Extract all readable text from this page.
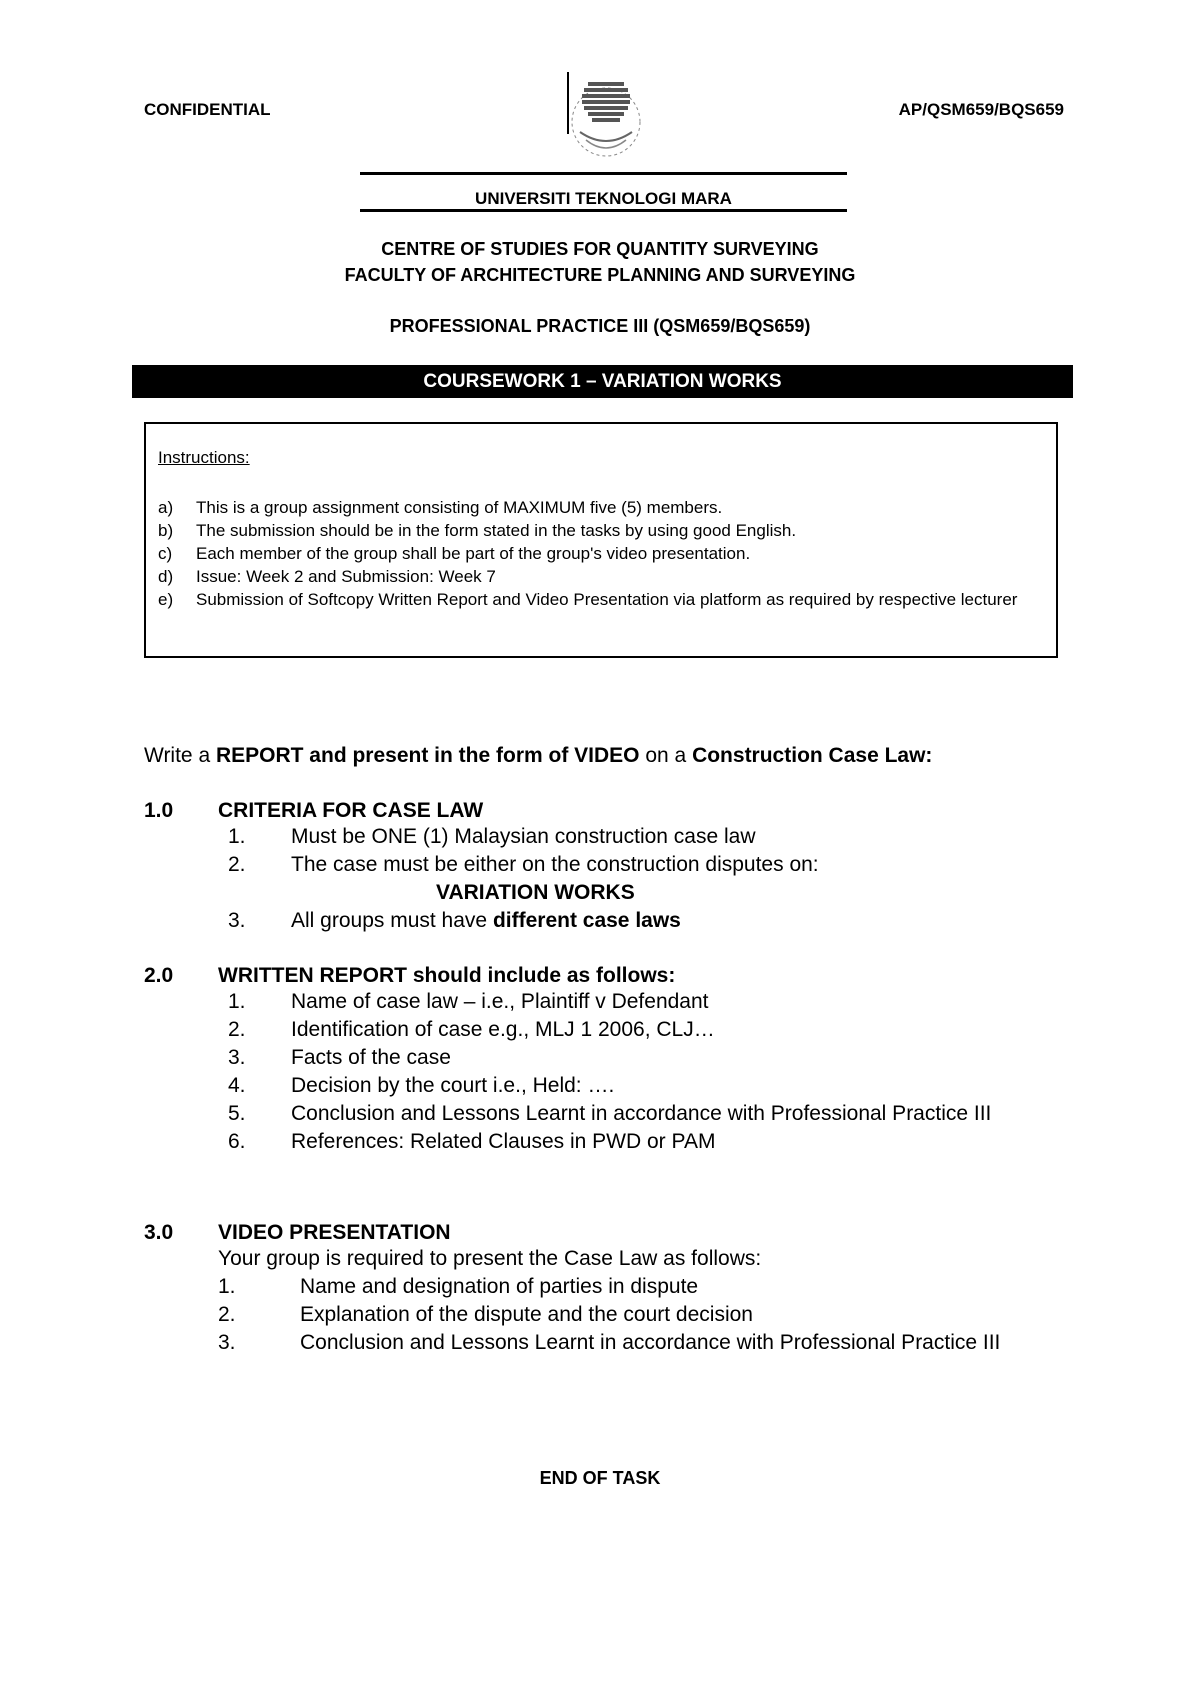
CONFIDENTIAL	AP/QSM659/BQS659
UNIVERSITI TEKNOLOGI MARA
CENTRE OF STUDIES FOR QUANTITY SURVEYING
FACULTY OF ARCHITECTURE PLANNING AND SURVEYING
PROFESSIONAL PRACTICE III (QSM659/BQS659)
COURSEWORK 1 – VARIATION WORKS
Instructions:
a)	This is a group assignment consisting of MAXIMUM five (5) members.
b)	The submission should be in the form stated in the tasks by using good English.
c)	Each member of the group shall be part of the group's video presentation.
d)	Issue: Week 2 and Submission: Week 7
e)	Submission of Softcopy Written Report and Video Presentation via platform as required by respective lecturer
Write a REPORT and present in the form of VIDEO on a Construction Case Law:
1.0	CRITERIA FOR CASE LAW
1.	Must be ONE (1) Malaysian construction case law
2.	The case must be either on the construction disputes on:
VARIATION WORKS
3.	All groups must have different case laws
2.0	WRITTEN REPORT should include as follows:
1.	Name of case law – i.e., Plaintiff v Defendant
2.	Identification of case e.g., MLJ 1 2006, CLJ…
3.	Facts of the case
4.	Decision by the court i.e., Held: ….
5.	Conclusion and Lessons Learnt in accordance with Professional Practice III
6.	References: Related Clauses in PWD or PAM
3.0	VIDEO PRESENTATION
Your group is required to present the Case Law as follows:
1.	Name and designation of parties in dispute
2.	Explanation of the dispute and the court decision
3.	Conclusion and Lessons Learnt in accordance with Professional Practice III
END OF TASK
